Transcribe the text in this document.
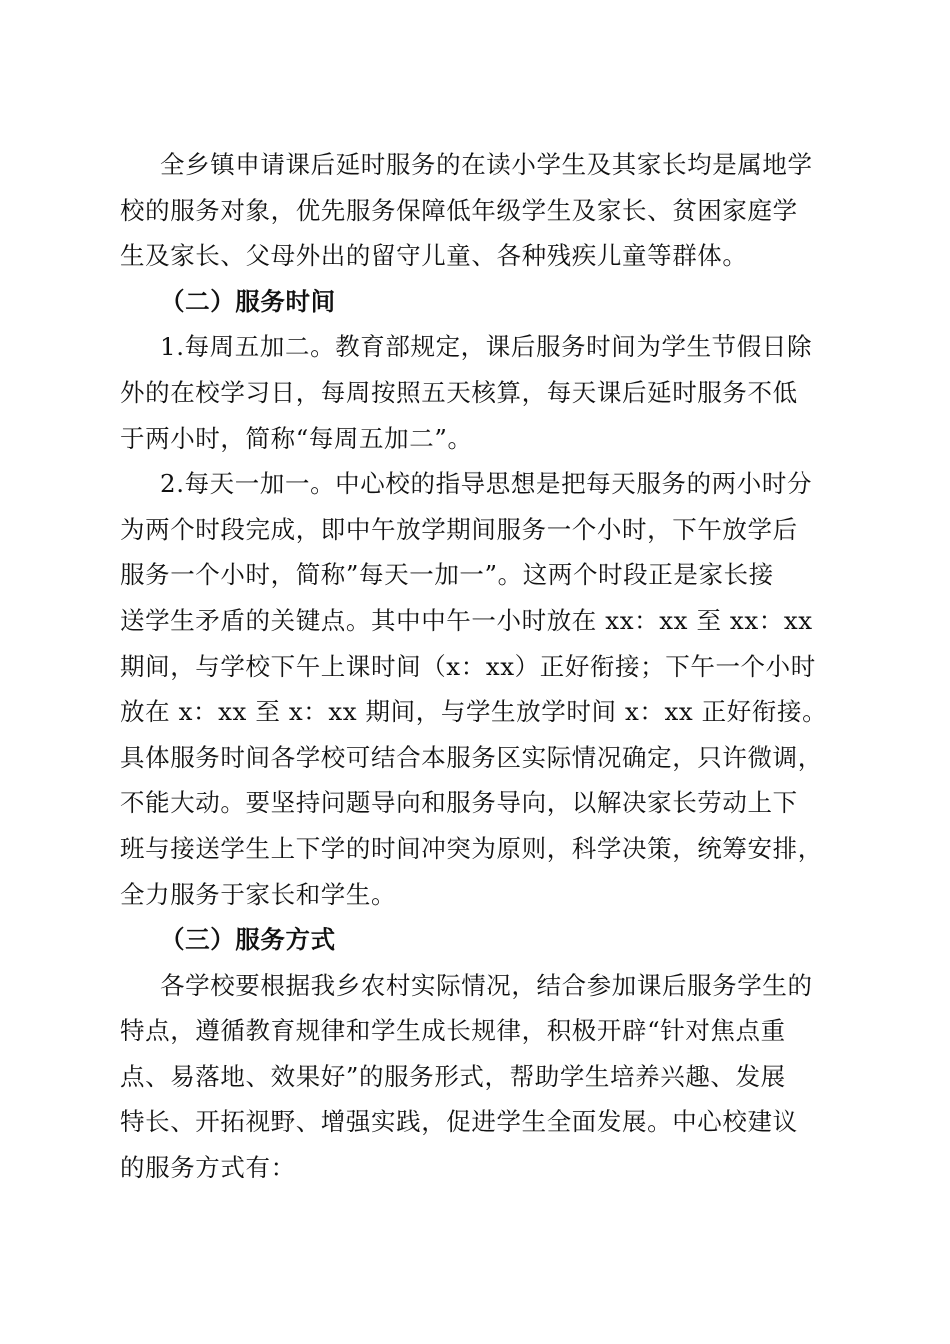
全乡镇申请课后延时服务的在读小学生及其家长均是属地学
校的服务对象，优先服务保障低年级学生及家长、贫困家庭学
生及家长、父母外出的留守儿童、各种残疾儿童等群体。
（二）服务时间
1.每周五加二。教育部规定，课后服务时间为学生节假日除
外的在校学习日，每周按照五天核算，每天课后延时服务不低
于两小时，简称“每周五加二”。
2.每天一加一。中心校的指导思想是把每天服务的两小时分
为两个时段完成，即中午放学期间服务一个小时，下午放学后
服务一个小时，简称”每天一加一”。这两个时段正是家长接
送学生矛盾的关键点。其中中午一小时放在 xx：xx 至 xx：xx
期间，与学校下午上课时间（x：xx）正好衔接；下午一个小时
放在 x：xx 至 x：xx 期间，与学生放学时间 x：xx 正好衔接。
具体服务时间各学校可结合本服务区实际情况确定，只许微调，
不能大动。要坚持问题导向和服务导向，以解决家长劳动上下
班与接送学生上下学的时间冲突为原则，科学决策，统筹安排，
全力服务于家长和学生。
（三）服务方式
各学校要根据我乡农村实际情况，结合参加课后服务学生的
特点，遵循教育规律和学生成长规律，积极开辟“针对焦点重
点、易落地、效果好”的服务形式，帮助学生培养兴趣、发展
特长、开拓视野、增强实践，促进学生全面发展。中心校建议
的服务方式有：
